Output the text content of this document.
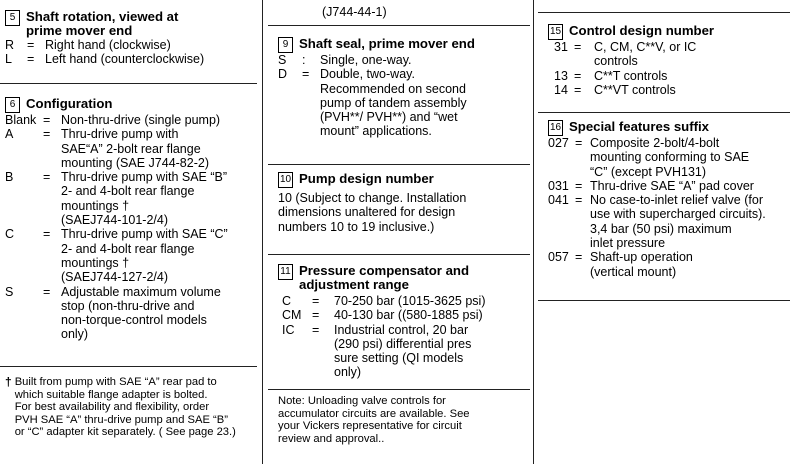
5 Shaft rotation, viewed at
prime mover end
R	= Right hand (clockwise)
L	= Left hand (counterclockwise)
6 Configuration
Blank = Non-thru-drive (single pump)
A	= Thru-drive pump with
SAE“A” 2-bolt rear flange
mounting (SAE J744-82-2)
B	= Thru-drive pump with SAE “B”
2- and 4-bolt rear flange
mountings †
(SAEJ744-101-2/4)
C	= Thru-drive pump with SAE “C”
2- and 4-bolt rear flange
mountings †
(SAEJ744-127-2/4)
S	= Adjustable maximum volume
stop (non-thru-drive and
non-torque-control models
only)
† Built from pump with SAE “A” rear pad to
which suitable flange adapter is bolted.
For best availability and flexibility, order
PVH SAE “A” thru-drive pump and SAE “B”
or “C” adapter kit separately. ( See page 23.)
(J744-44-1)
9 Shaft seal, prime mover end
S	:	Single, one-way.
D	= Double, two-way.
Recommended on second
pump of tandem assembly
(PVH**/ PVH**) and “wet
mount” applications.
10 Pump design number
10 (Subject to change. Installation
dimensions unaltered for design
numbers 10 to 19 inclusive.)
11 Pressure compensator and
adjustment range
C	=	70-250 bar (1015-3625 psi)
CM =	40-130 bar ((580-1885 psi)
IC	=	Industrial control, 20 bar
(290 psi) differential pres
sure setting (QI models
only)
Note: Unloading valve controls for
accumulator circuits are available. See
your Vickers representative for circuit
review and approval..
15 Control design number
31 =	C, CM, C**V, or IC
controls
13 =	C**T controls
14 =	C**VT controls
16 Special features suffix
027 = Composite 2-bolt/4-bolt
mounting conforming to SAE
“C” (except PVH131)
031 = Thru-drive SAE “A” pad cover
041 = No case-to-inlet relief valve (for
use with supercharged circuits).
3,4 bar (50 psi) maximum
inlet pressure
057 = Shaft-up operation
(vertical mount)
